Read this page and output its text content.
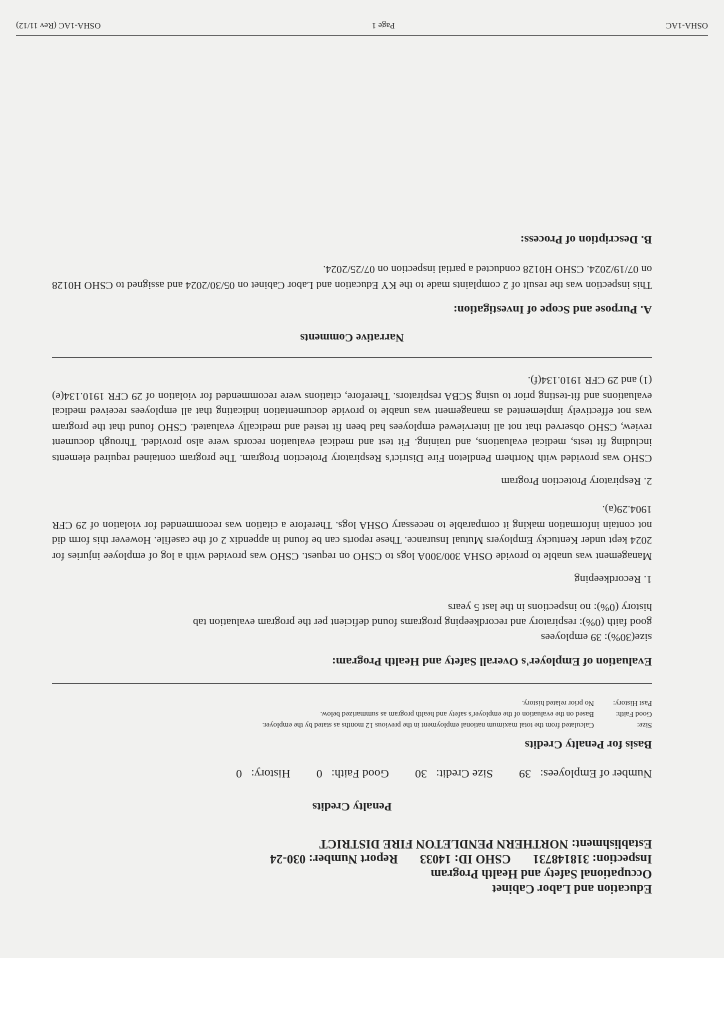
Education and Labor Cabinet
Occupational Safety and Health Program
Inspection: 318148731
CSHO ID: 14033
Report Number: 030-24
Establishment: NORTHERN PENDLETON FIRE DISTRICT
Penalty Credits
Number of Employees: 39
Size Credit: 30
Good Faith: 0
History: 0
Basis for Penalty Credits
Size:
Calculated from the total maximum national employment in the previous 12 months as stated by the employer.
Good Faith:
Based on the evaluation of the employer's safety and health program as summarized below.
Past History:
No prior related history.
Evaluation of Employer's Overall Safety and Health Program:
size(30%): 39 employees
good faith (0%): respiratory and recordkeeping programs found deficient per the program evaluation tab
history (0%): no inspections in the last 5 years
1. Recordkeeping
Management was unable to provide OSHA 300/300A logs to CSHO on request. CSHO was provided with a log of employee injuries for 2024 kept under Kentucky Employers Mutual Insurance. These reports can be found in appendix 2 of the casefile. However this form did not contain information making it comparable to necessary OSHA logs. Therefore a citation was recommended for violation of 29 CFR 1904.29(a).
2. Respiratory Protection Program
CSHO was provided with Northern Pendleton Fire District's Respiratory Protection Program. The program contained required elements including fit tests, medical evaluations, and training. Fit test and medical evaluation records were also provided. Through document review, CSHO observed that not all interviewed employees had been fit tested and medically evaluated. CSHO found that the program was not effectively implemented as management was unable to provide documentation indicating that all employees received medical evaluations and fit-testing prior to using SCBA respirators. Therefore, citations were recommended for violation of 29 CFR 1910.134(e)(1) and 29 CFR 1910.134(f).
Narrative Comments
A. Purpose and Scope of Investigation:
This inspection was the result of 2 complaints made to the KY Education and Labor Cabinet on 05/30/2024 and assigned to CSHO H0128 on 07/19/2024. CSHO H0128 conducted a partial inspection on 07/25/2024.
B. Description of Process:
OSHA-1AC
Page 1
OSHA-1AC (Rev 11/12)
